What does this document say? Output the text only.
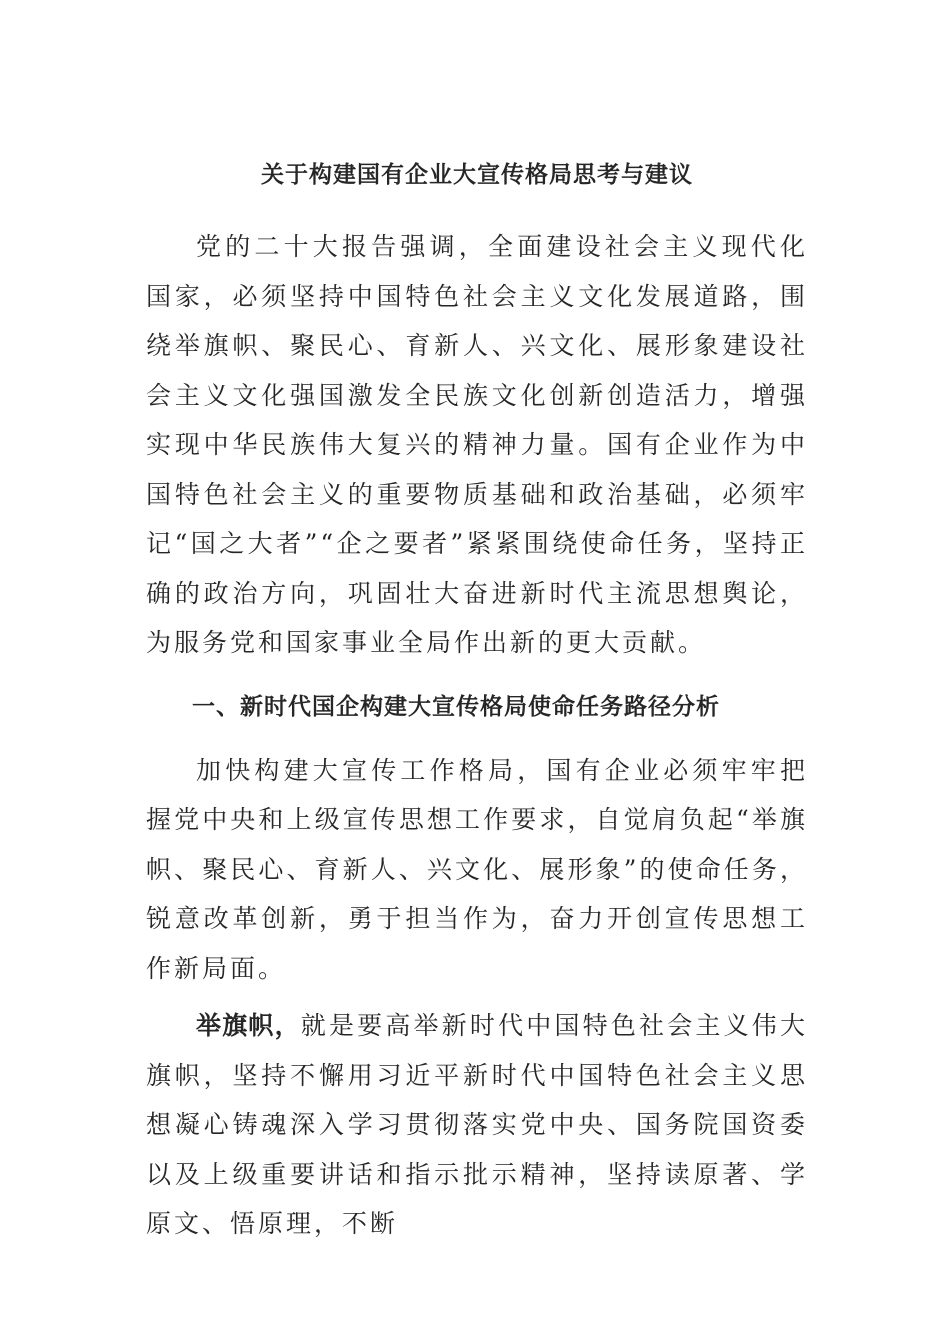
关于构建国有企业大宣传格局思考与建议

党的二十大报告强调，全面建设社会主义现代化国家，必须坚持中国特色社会主义文化发展道路，围绕举旗帜、聚民心、育新人、兴文化、展形象建设社会主义文化强国激发全民族文化创新创造活力，增强实现中华民族伟大复兴的精神力量。国有企业作为中国特色社会主义的重要物质基础和政治基础，必须牢记“国之大者”“企之要者”紧紧围绕使命任务，坚持正确的政治方向，巩固壮大奋进新时代主流思想舆论，为服务党和国家事业全局作出新的更大贡献。

一、新时代国企构建大宣传格局使命任务路径分析

加快构建大宣传工作格局，国有企业必须牢牢把握党中央和上级宣传思想工作要求，自觉肩负起“举旗帜、聚民心、育新人、兴文化、展形象”的使命任务，锐意改革创新，勇于担当作为，奋力开创宣传思想工作新局面。

举旗帜，就是要高举新时代中国特色社会主义伟大旗帜，坚持不懈用习近平新时代中国特色社会主义思想凝心铸魂深入学习贯彻落实党中央、国务院国资委以及上级重要讲话和指示批示精神，坚持读原著、学原文、悟原理，不断
